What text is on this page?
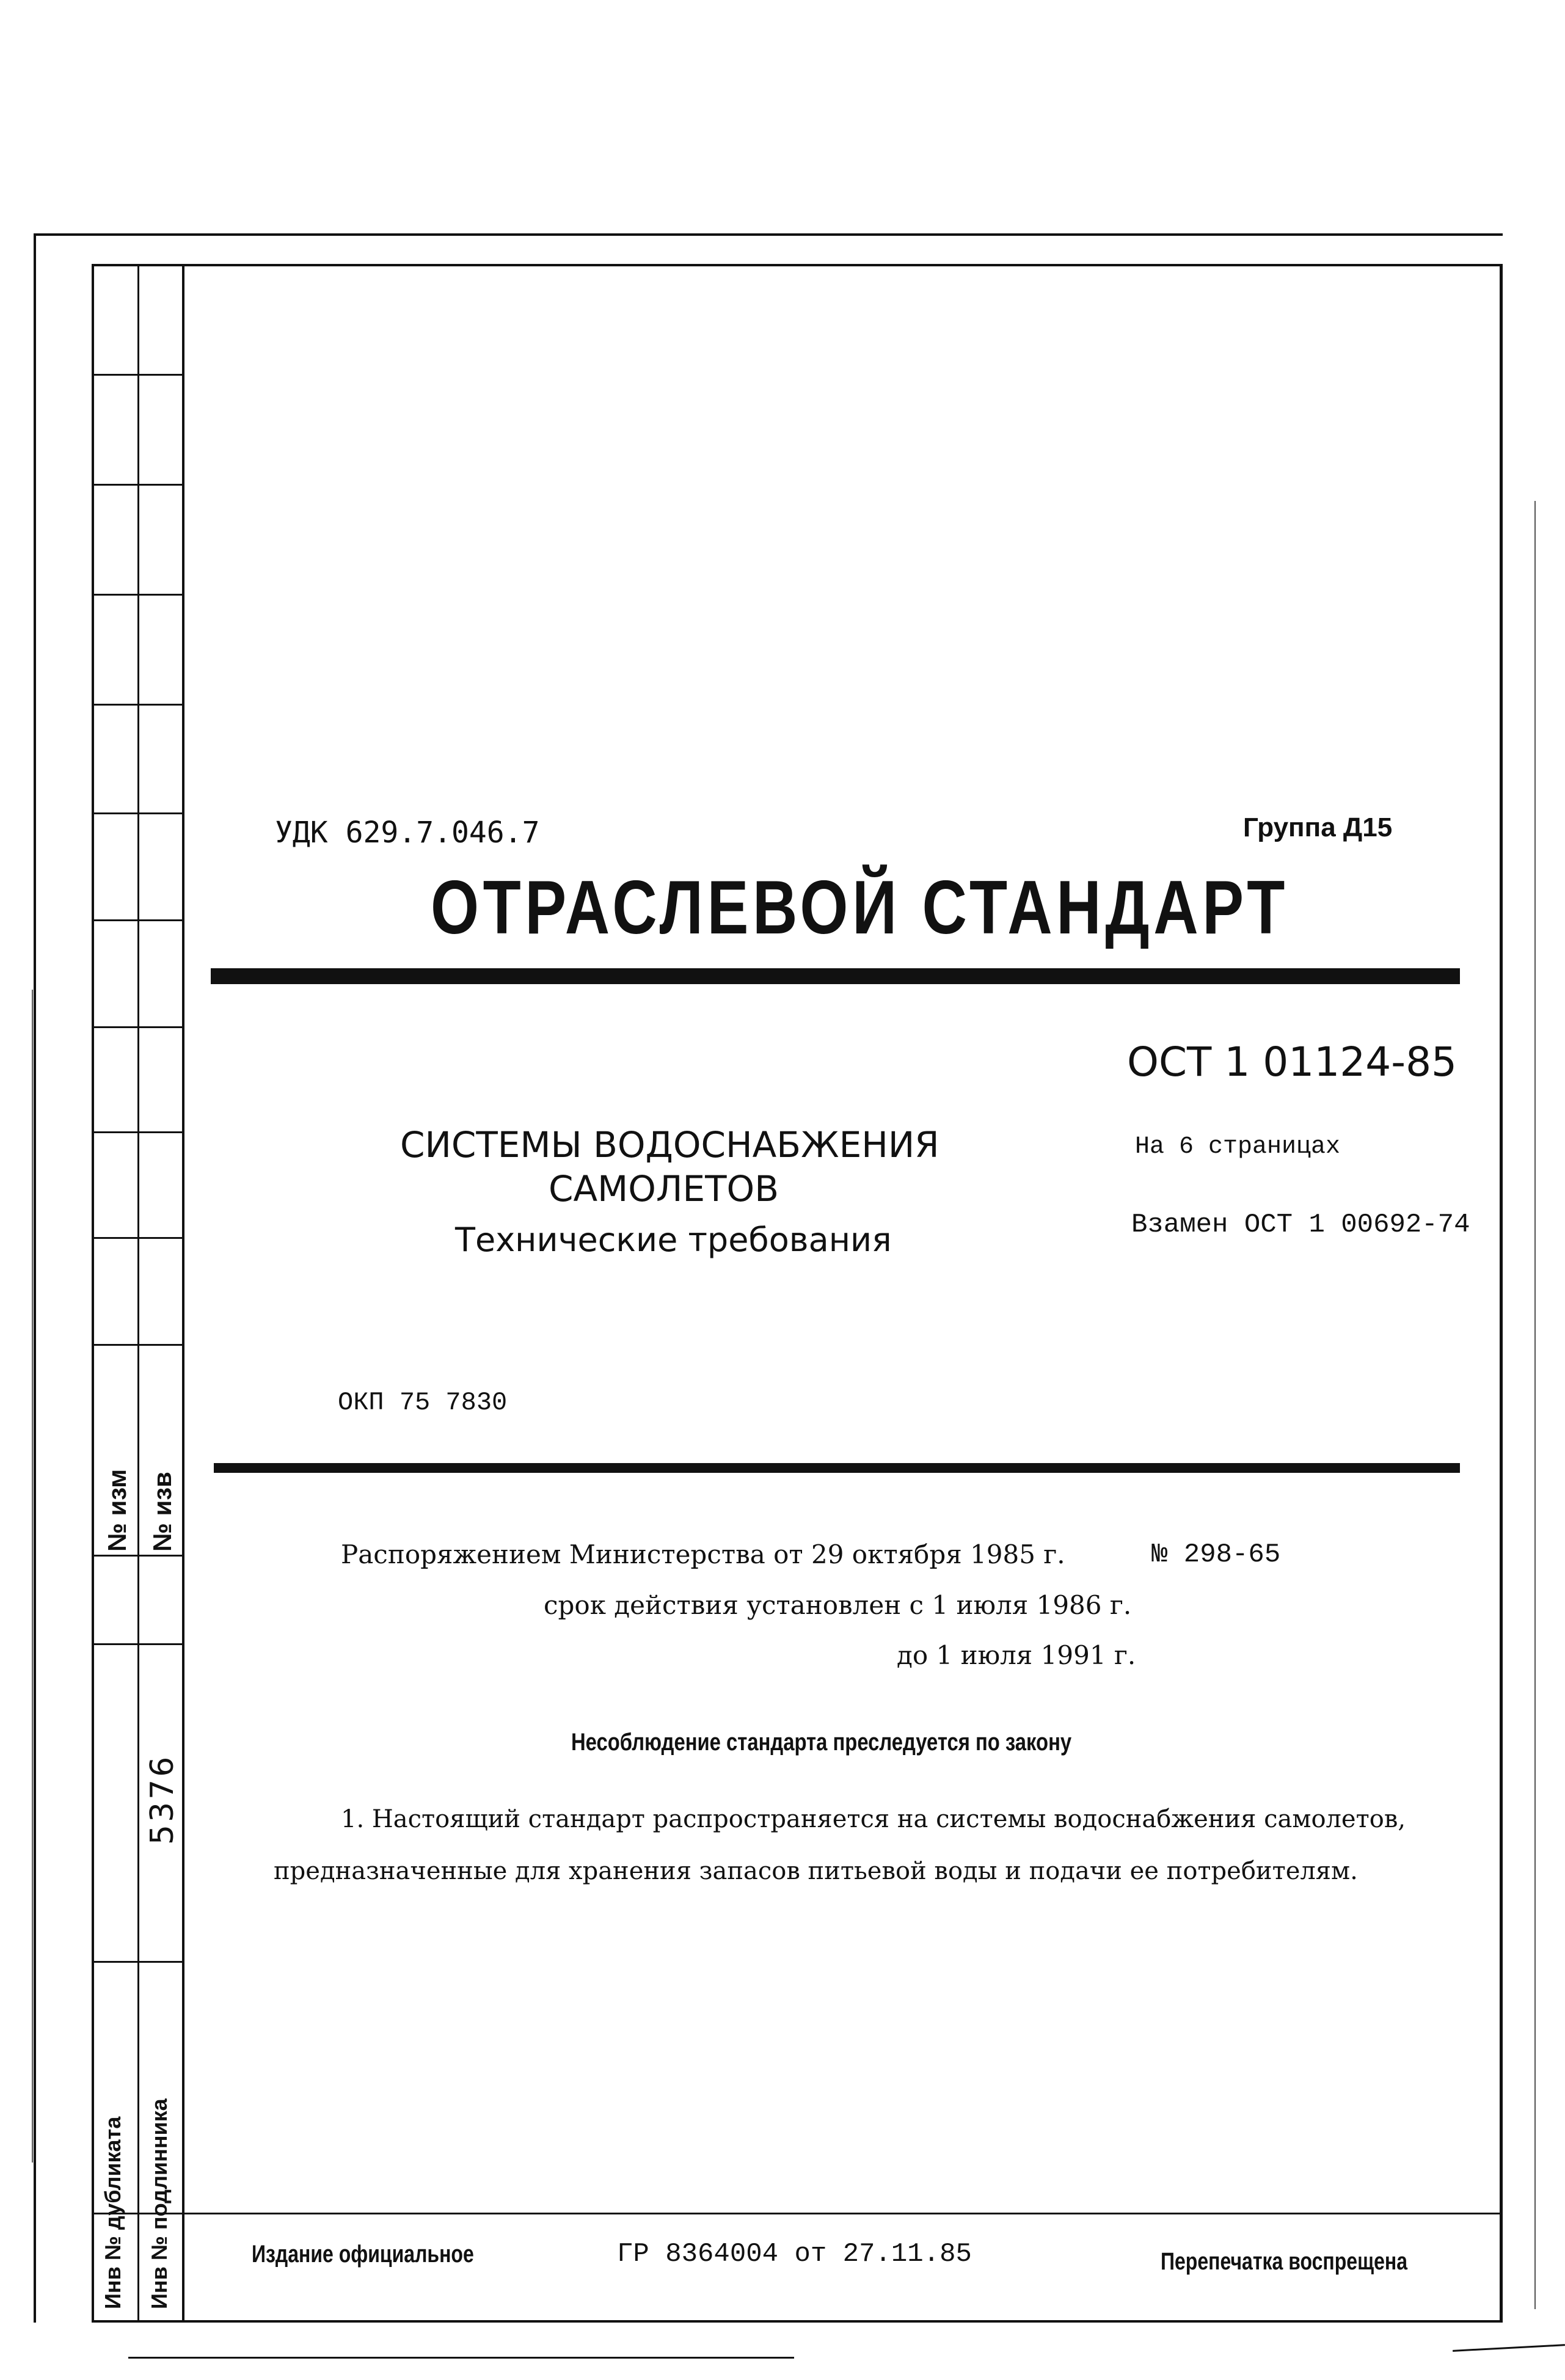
№ изм № изв
5376
Инв № дубликата Инв № подлинника
УДК 629.7.046.7	Группа Д15
ОТРАСЛЕВОЙ СТАНДАРТ
ОСТ 1 01124-85
СИСТЕМЫ ВОДОСНАБЖЕНИЯ
САМОЛЕТОВ
Технические требования
На 6 страницах
Взамен ОСТ 1 00692-74
ОКП 75 7830
Распоряжением Министерства от 29 октября 1985 г.	№ 298-65
срок действия установлен с 1 июля 1986 г.
до 1 июля 1991 г.
Несоблюдение стандарта преследуется по закону
1. Настоящий стандарт распространяется на системы водоснабжения самолетов,
предназначенные для хранения запасов питьевой воды и подачи ее потребителям.
Издание официальное	ГР 8364004 от 27.11.85	Перепечатка воспрещена
